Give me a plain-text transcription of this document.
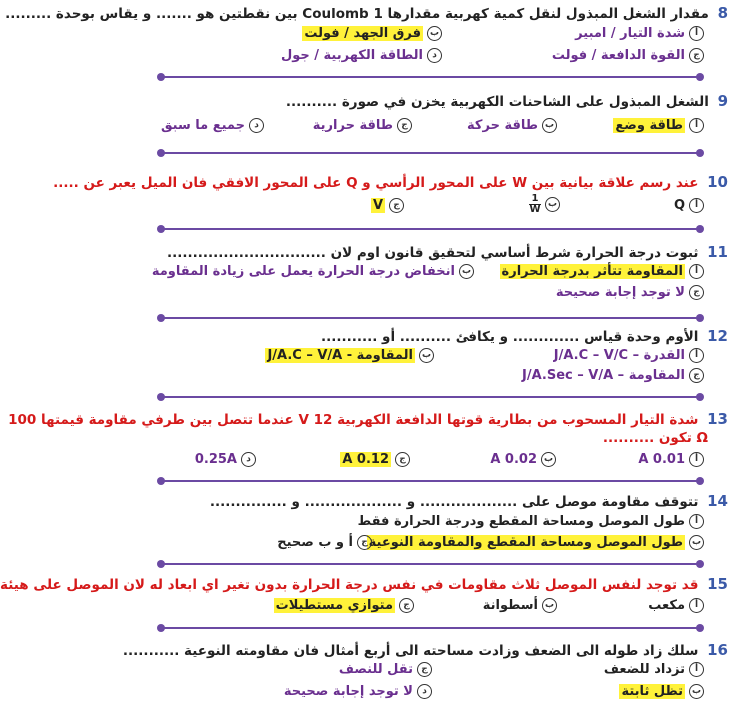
8 مقدار الشغل المبذول لنقل كمية كهربية مقدارها 1 Coulomb بين نقطتين هو ....... و يقاس بوحدة .........
أ
شدة التيار / امبير
ب
فرق الجهد / فولت
ج
القوة الدافعة / فولت
د
الطاقة الكهربية / جول
9 الشغل المبذول على الشاحنات الكهربية يخزن في صورة ..........
أ
طاقة وضع
ب
طاقة حركة
ج
طاقة حرارية
د
جميع ما سبق
10 عند رسم علاقة بيانية بين W على المحور الرأسي و Q على المحور الافقي فان الميل يعبر عن .....
أ
Q
ب
$\frac{1}{W}$
ج
V
11 ثبوت درجة الحرارة شرط أساسي لتحقيق قانون اوم لان ...............................
أ
المقاومة تتأثر بدرجة الحرارة
ب
انخفاض درجة الحرارة يعمل على زيادة المقاومة
ج
لا توجد إجابة صحيحة
12 الأوم وحدة قياس ............. و يكافئ .......... أو ...........
أ
القدرة – J/A.C – V/C
ب
المقاومة - J/A.C – V/A
ج
المقاومة – J/A.Sec – V/A
13 شدة التيار المسحوب من بطارية قوتها الدافعة الكهربية 12 V عندما تتصل بين طرفي مقاومة قيمتها 100
Ω تكون ..........
أ
0.01 A
ب
0.02 A
ج
0.12 A
د
0.25A
14 تتوقف مقاومة موصل على ................... و ................... و ...............
أ
طول الموصل ومساحة المقطع ودرجة الحرارة فقط
ب
طول الموصل ومساحة المقطع والمقاومة النوعية
ج
أ و ب صحيح
15 قد توجد لنفس الموصل ثلاث مقاومات في نفس درجة الحرارة بدون تغير اي ابعاد له لان الموصل على هيئة
أ
مكعب
ب
أسطوانة
ج
متوازي مستطيلات
16 سلك زاد طوله الى الضعف وزادت مساحته الى أربع أمثال فان مقاومته النوعية ...........
أ
تزداد للضعف
ب
تظل ثابتة
ج
تقل للنصف
د
لا توجد إجابة صحيحة
